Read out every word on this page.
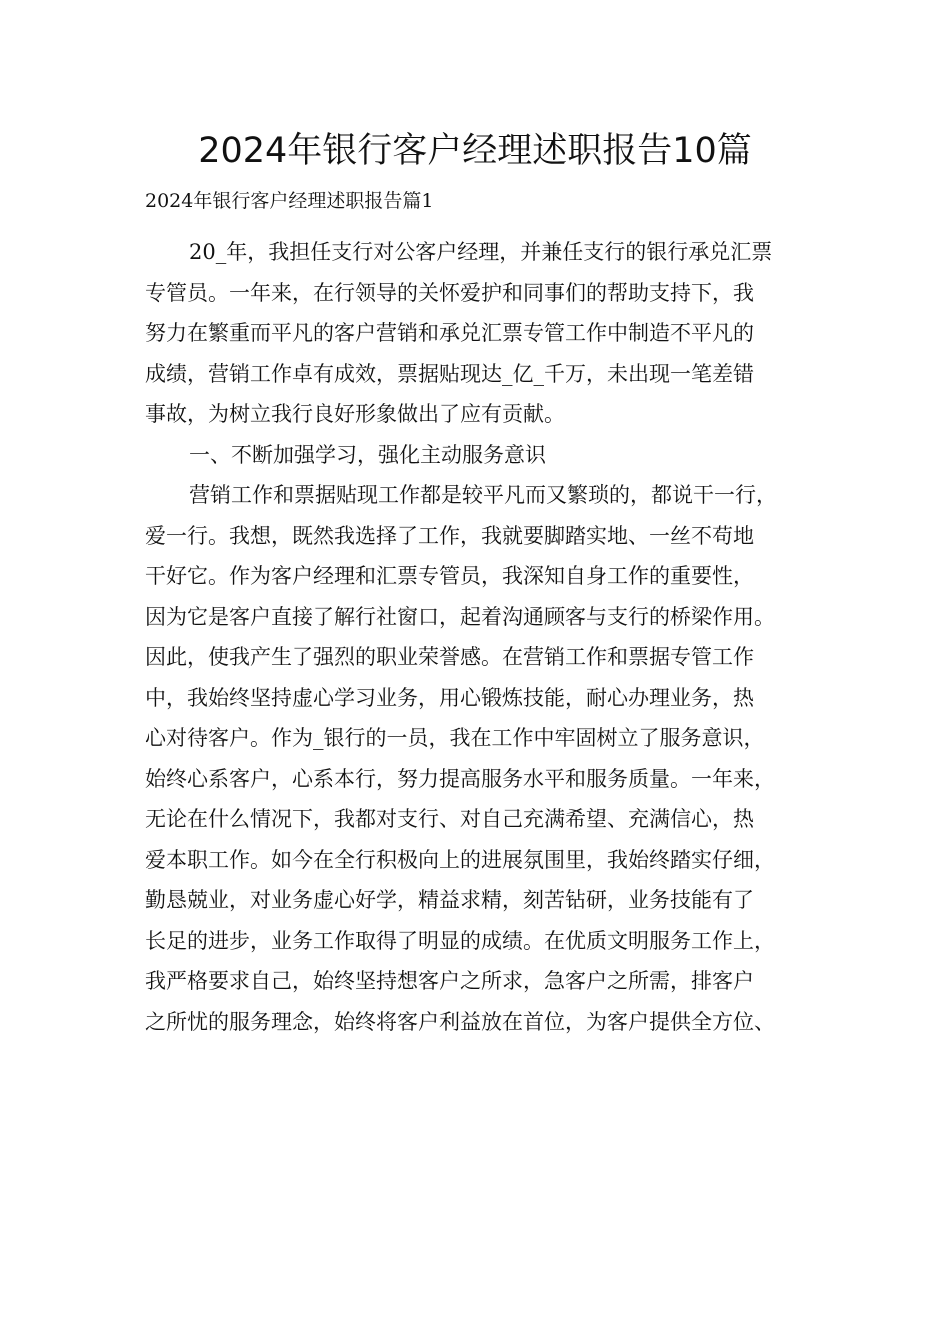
2024年银行客户经理述职报告10篇
2024年银行客户经理述职报告篇1
20_年，我担任支行对公客户经理，并兼任支行的银行承兑汇票
专管员。一年来，在行领导的关怀爱护和同事们的帮助支持下，我
努力在繁重而平凡的客户营销和承兑汇票专管工作中制造不平凡的
成绩，营销工作卓有成效，票据贴现达_亿_千万，未出现一笔差错
事故，为树立我行良好形象做出了应有贡献。
一、不断加强学习，强化主动服务意识
营销工作和票据贴现工作都是较平凡而又繁琐的，都说干一行，
爱一行。我想，既然我选择了工作，我就要脚踏实地、一丝不苟地
干好它。作为客户经理和汇票专管员，我深知自身工作的重要性，
因为它是客户直接了解行社窗口，起着沟通顾客与支行的桥梁作用。
因此，使我产生了强烈的职业荣誉感。在营销工作和票据专管工作
中，我始终坚持虚心学习业务，用心锻炼技能，耐心办理业务，热
心对待客户。作为_银行的一员，我在工作中牢固树立了服务意识，
始终心系客户，心系本行，努力提高服务水平和服务质量。一年来，
无论在什么情况下，我都对支行、对自己充满希望、充满信心，热
爱本职工作。如今在全行积极向上的进展氛围里，我始终踏实仔细，
勤恳兢业，对业务虚心好学，精益求精，刻苦钻研，业务技能有了
长足的进步，业务工作取得了明显的成绩。在优质文明服务工作上，
我严格要求自己，始终坚持想客户之所求，急客户之所需，排客户
之所忧的服务理念，始终将客户利益放在首位，为客户提供全方位、
